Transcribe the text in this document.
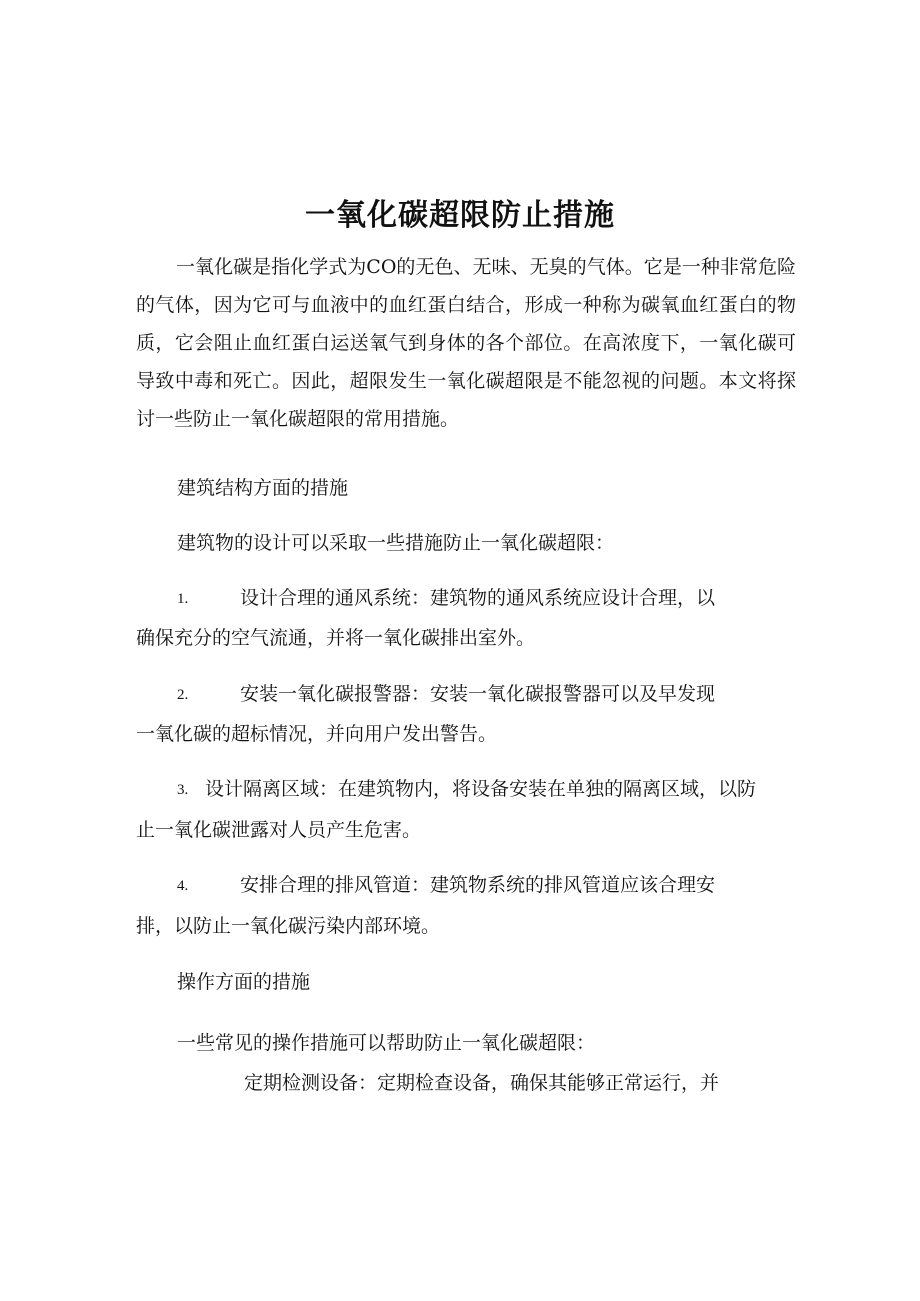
一氧化碳超限防止措施

一氧化碳是指化学式为CO的无色、无味、无臭的气体。它是一种非常危险的气体，因为它可与血液中的血红蛋白结合，形成一种称为碳氧血红蛋白的物质，它会阻止血红蛋白运送氧气到身体的各个部位。在高浓度下，一氧化碳可导致中毒和死亡。因此，超限发生一氧化碳超限是不能忽视的问题。本文将探讨一些防止一氧化碳超限的常用措施。

建筑结构方面的措施

建筑物的设计可以采取一些措施防止一氧化碳超限：

1.	设计合理的通风系统：建筑物的通风系统应设计合理，以

确保充分的空气流通，并将一氧化碳排出室外。

2.	安装一氧化碳报警器：安装一氧化碳报警器可以及早发现

一氧化碳的超标情况，并向用户发出警告。

3. 设计隔离区域：在建筑物内，将设备安装在单独的隔离区域，以防

止一氧化碳泄露对人员产生危害。

4.	安排合理的排风管道：建筑物系统的排风管道应该合理安

排，以防止一氧化碳污染内部环境。

操作方面的措施

一些常见的操作措施可以帮助防止一氧化碳超限：

定期检测设备：定期检查设备，确保其能够正常运行，并
